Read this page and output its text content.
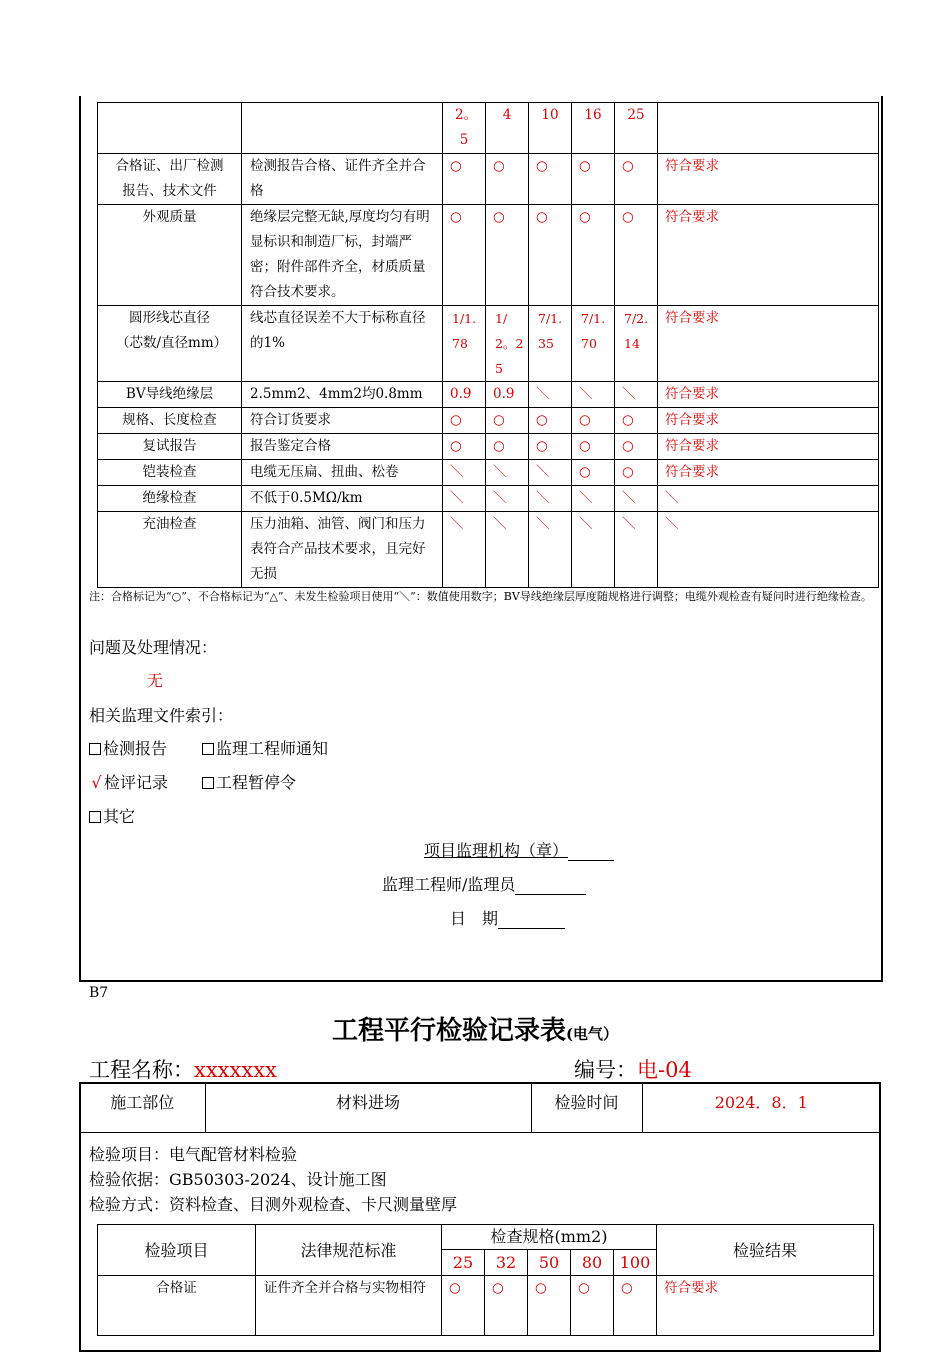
		2。5	4	10	16	25	
合格证、出厂检测报告、技术文件	检测报告合格、证件齐全并合格	○	○	○	○	○	符合要求
外观质量	绝缘层完整无缺,厚度均匀有明显标识和制造厂标，封端严密；附件部件齐全，材质质量符合技术要求。	○	○	○	○	○	符合要求
圆形线芯直径（芯数/直径mm）	线芯直径误差不大于标称直径的1%	1/1.78	1/2。25	7/1.35	7/1.70	7/2.14	符合要求
BV导线绝缘层	2.5mm2、4mm2均0.8mm	0.9	0.9	＼	＼	＼	符合要求
规格、长度检查	符合订货要求	○	○	○	○	○	符合要求
复试报告	报告鉴定合格	○	○	○	○	○	符合要求
铠装检查	电缆无压扁、扭曲、松卷	＼	＼	＼	○	○	符合要求
绝缘检查	不低于0.5MΩ/km	＼	＼	＼	＼	＼	＼
充油检查	压力油箱、油管、阀门和压力表符合产品技术要求，且完好无损	＼	＼	＼	＼	＼	＼
注：合格标记为“○”、不合格标记为“△”、未发生检验项目使用“＼”：数值使用数字；BV导线绝缘层厚度随规格进行调整；电缆外观检查有疑问时进行绝缘检查。
问题及处理情况：
无
相关监理文件索引：
检测报告	监理工程师通知
√ 检评记录	工程暂停令
其它
项目监理机构（章）
监理工程师/监理员
日　期
B7
工程平行检验记录表(电气）
工程名称：xxxxxxx	编号：电-04
施工部位	材料进场	检验时间	2024．8．1
检验项目：电气配管材料检验
检验依据：GB50303-2024、设计施工图
检验方式：资料检查、目测外观检查、卡尺测量壁厚
检验项目	法律规范标准	检查规格(mm2)					检验结果
		25	32	50	80	100	
合格证	证件齐全并合格与实物相符	○	○	○	○	○	符合要求
